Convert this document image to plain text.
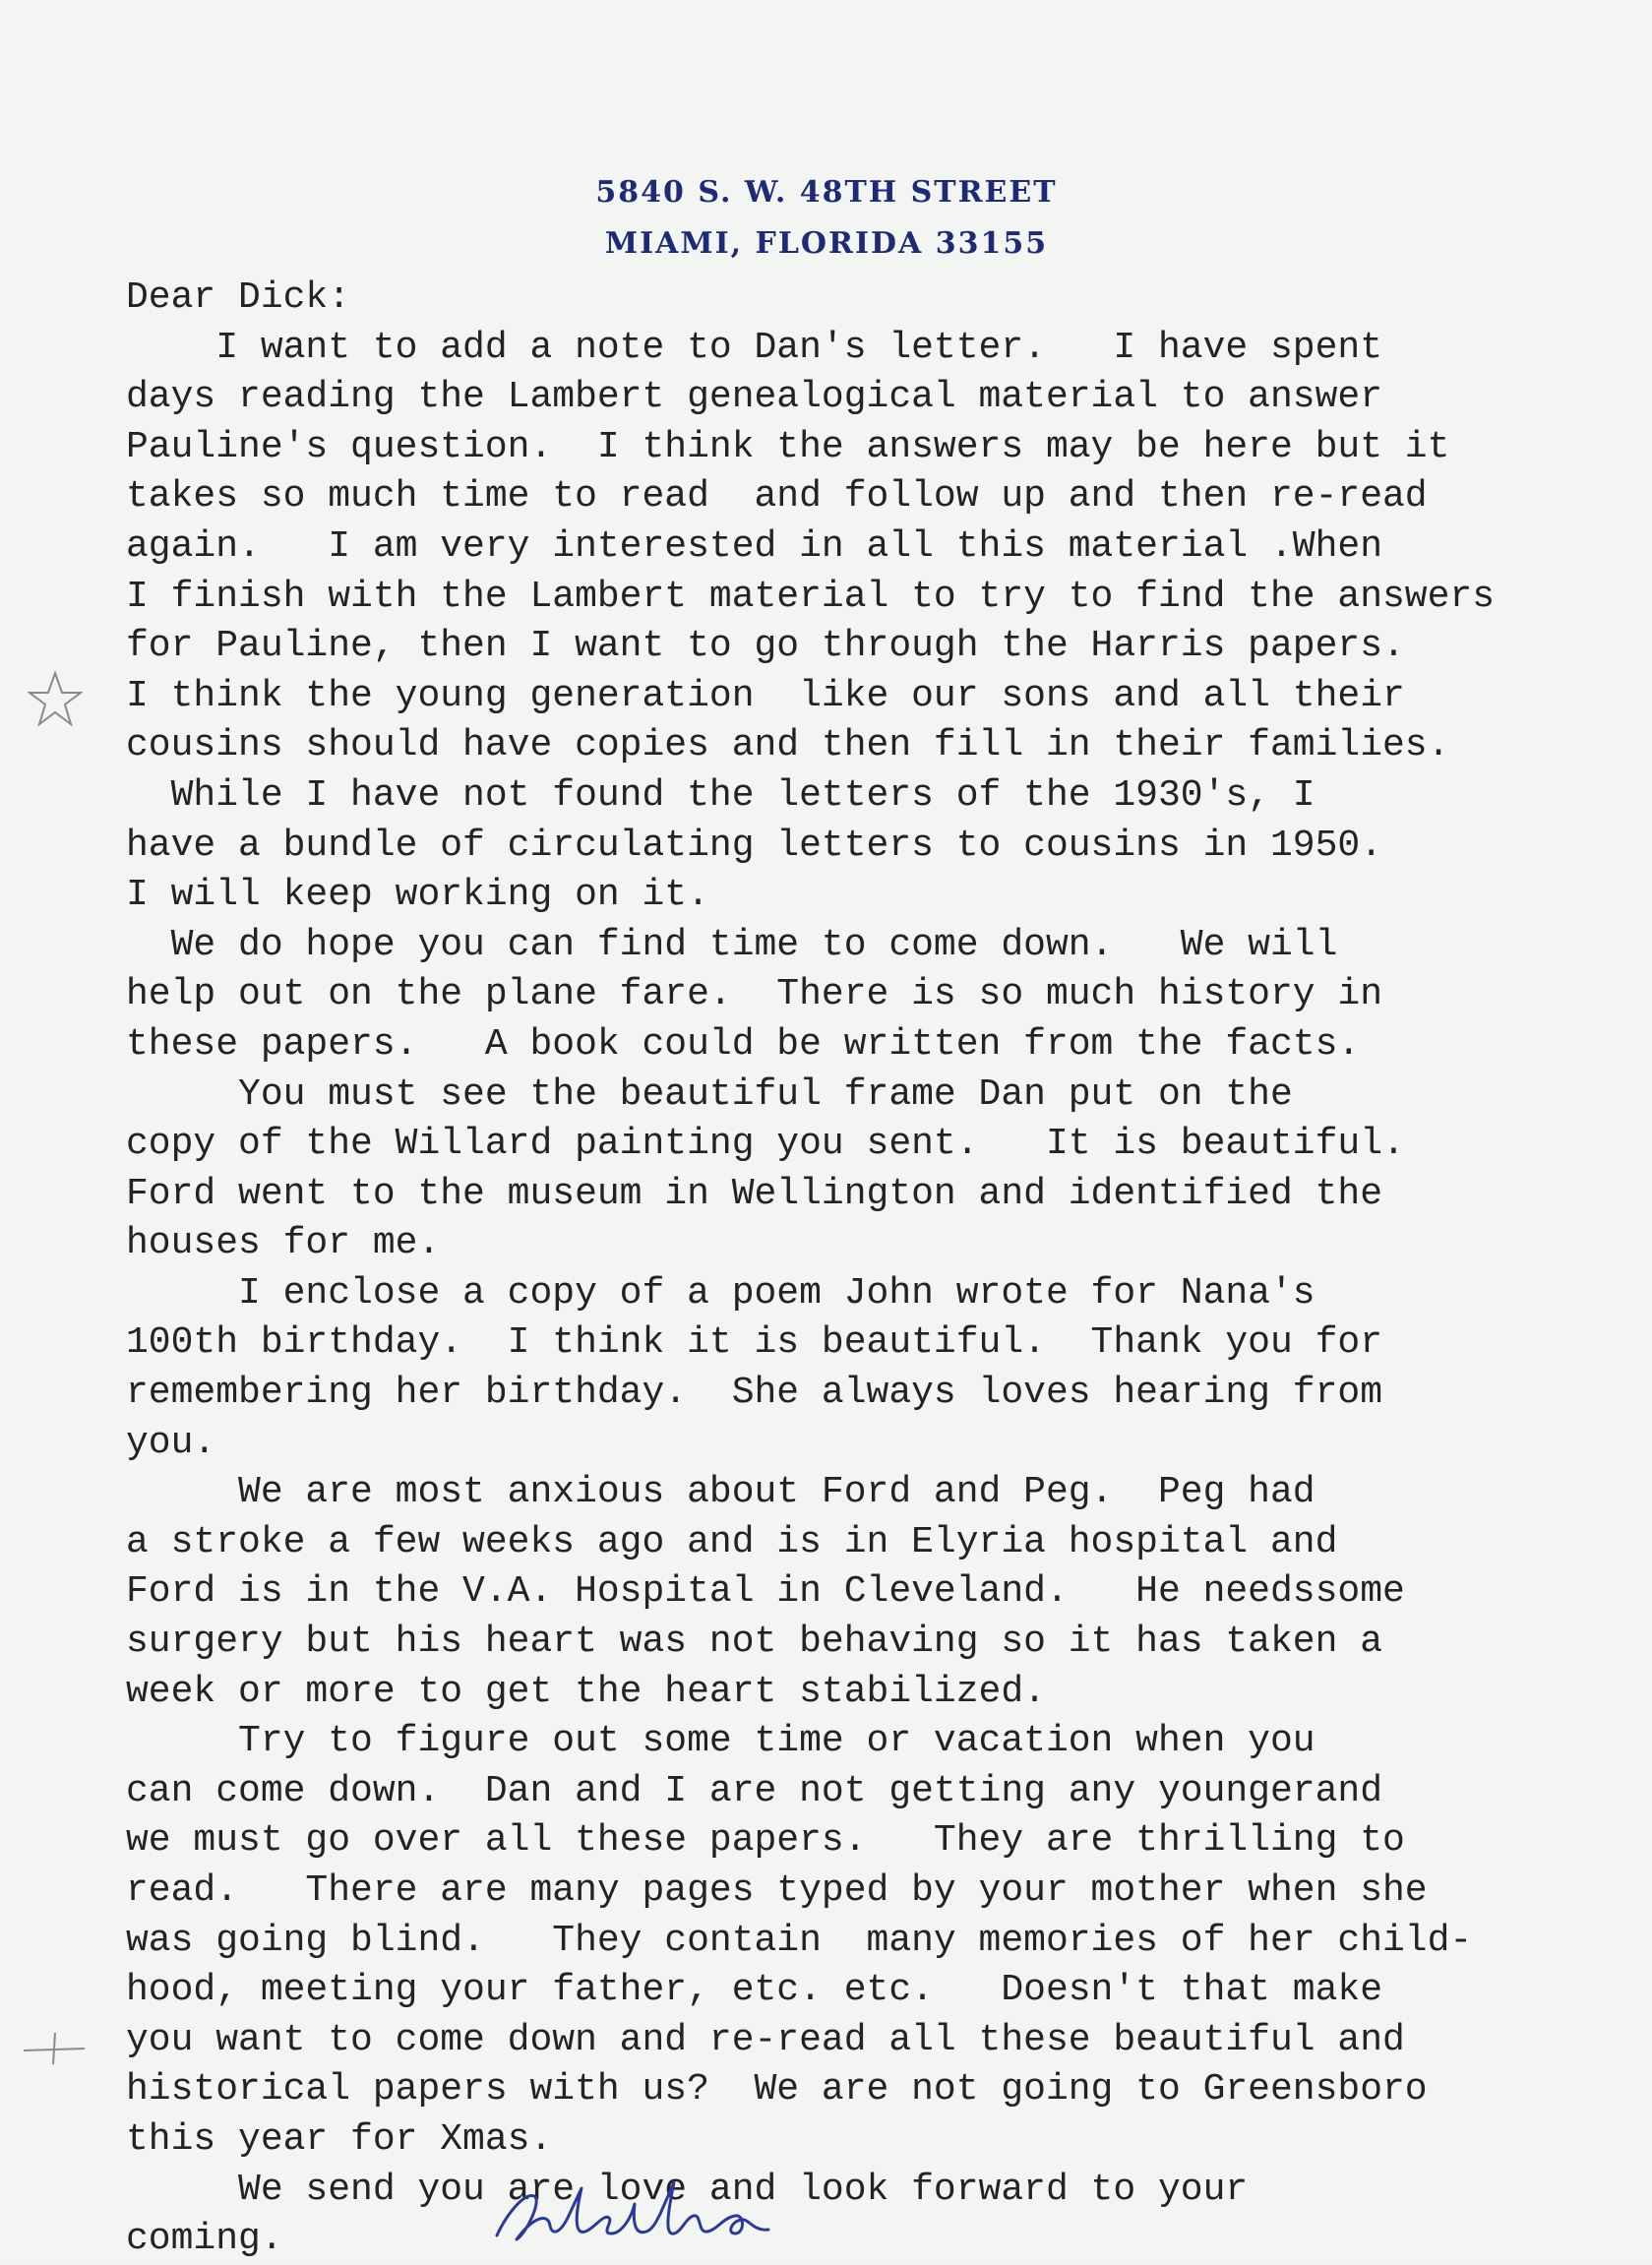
5840 S. W. 48TH STREET
MIAMI, FLORIDA 33155
Dear Dick:
I want to add a note to Dan's letter.   I have spent
days reading the Lambert genealogical material to answer
Pauline's question.  I think the answers may be here but it
takes so much time to read  and follow up and then re-read
again.   I am very interested in all this material .When
I finish with the Lambert material to try to find the answers
for Pauline, then I want to go through the Harris papers.
I think the young generation  like our sons and all their
cousins should have copies and then fill in their families.
While I have not found the letters of the 1930's, I
have a bundle of circulating letters to cousins in 1950.
I will keep working on it.
We do hope you can find time to come down.   We will
help out on the plane fare.  There is so much history in
these papers.   A book could be written from the facts.
You must see the beautiful frame Dan put on the
copy of the Willard painting you sent.   It is beautiful.
Ford went to the museum in Wellington and identified the
houses for me.
I enclose a copy of a poem John wrote for Nana's
100th birthday.  I think it is beautiful.  Thank you for
remembering her birthday.  She always loves hearing from
you.
We are most anxious about Ford and Peg.  Peg had
a stroke a few weeks ago and is in Elyria hospital and
Ford is in the V.A. Hospital in Cleveland.   He needssome
surgery but his heart was not behaving so it has taken a
week or more to get the heart stabilized.
Try to figure out some time or vacation when you
can come down.  Dan and I are not getting any youngerand
we must go over all these papers.   They are thrilling to
read.   There are many pages typed by your mother when she
was going blind.   They contain  many memories of her child-
hood, meeting your father, etc. etc.   Doesn't that make
you want to come down and re-read all these beautiful and
historical papers with us?  We are not going to Greensboro
this year for Xmas.
We send you are love and look forward to your
coming.
